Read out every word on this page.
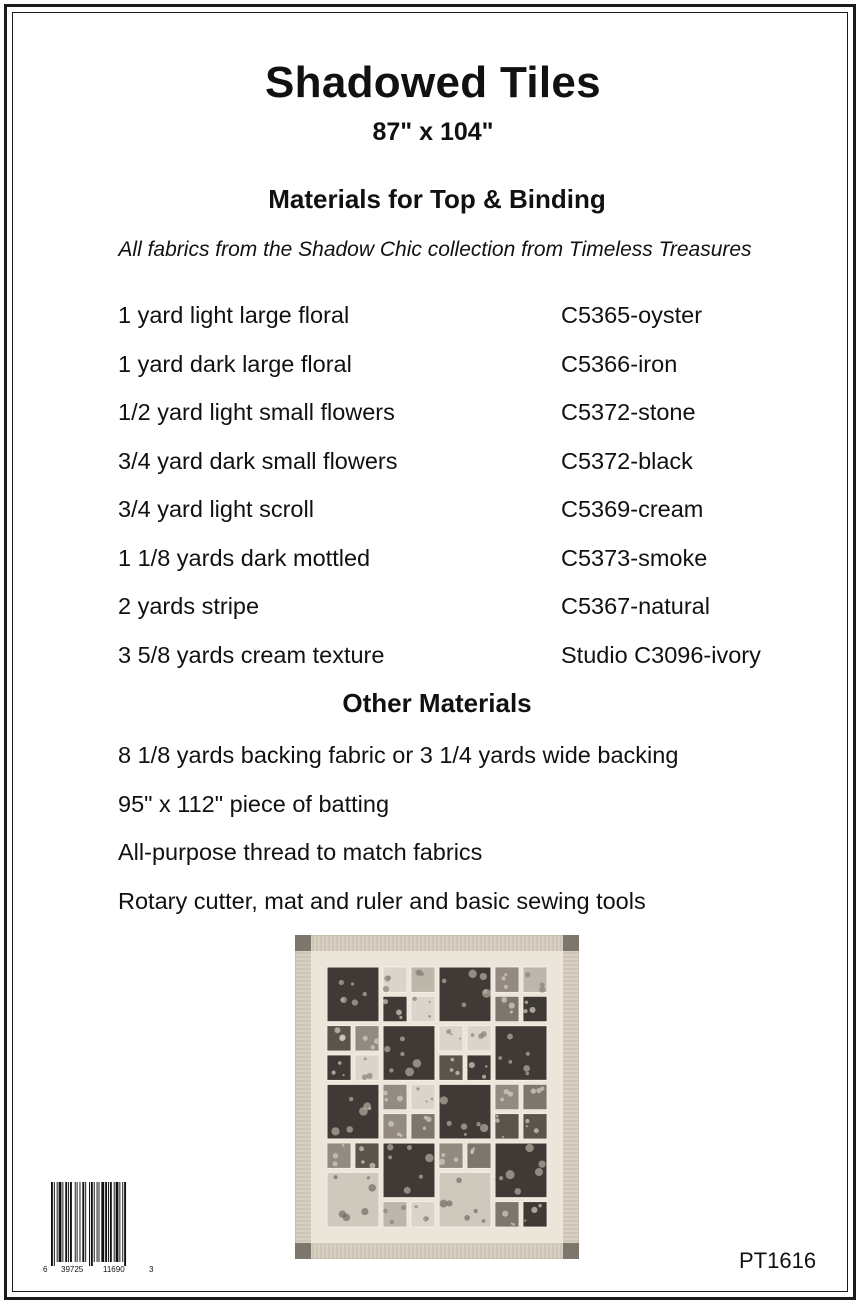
Shadowed Tiles
87" x 104"
Materials for Top & Binding
All fabrics from the Shadow Chic collection from Timeless Treasures
1 yard light large floral	C5365-oyster
1 yard dark large floral	C5366-iron
1/2 yard light small flowers	C5372-stone
3/4 yard dark small flowers	C5372-black
3/4 yard light scroll	C5369-cream
1 1/8 yards dark mottled	C5373-smoke
2 yards stripe	C5367-natural
3 5/8 yards cream texture	Studio C3096-ivory
Other Materials
8 1/8 yards backing fabric or 3 1/4 yards wide backing
95" x 112" piece of batting
All-purpose thread to match fabrics
Rotary cutter, mat and ruler and basic sewing tools
6 39725 11690	3	PT1616
